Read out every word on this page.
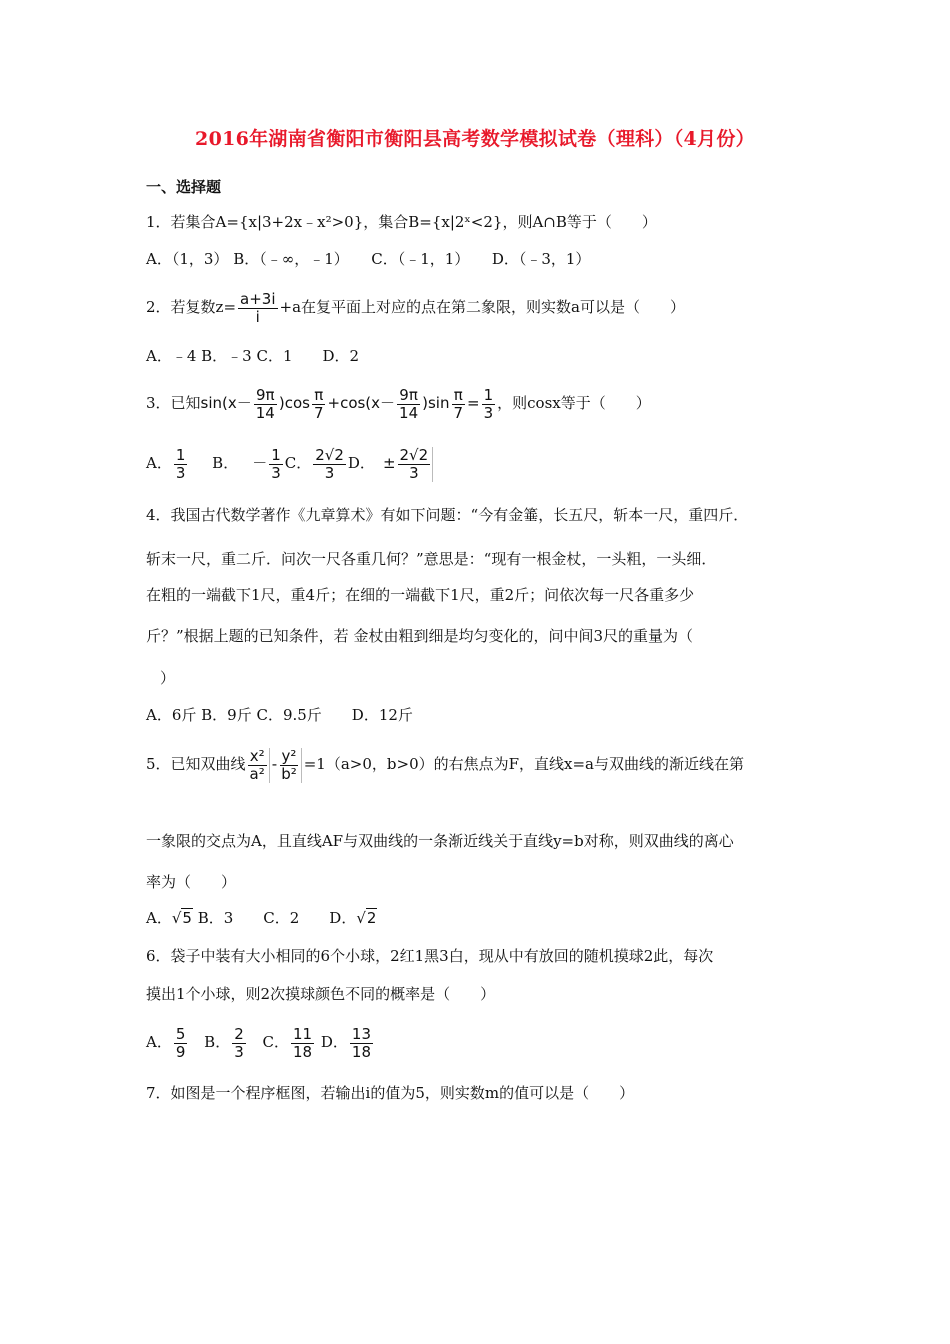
2016年湖南省衡阳市衡阳县高考数学模拟试卷（理科）（4月份）
一、选择题
1．若集合A={x|3+2x﹣x²>0}，集合B={x|2ˣ<2}，则A∩B等于（　　）
A．（1，3） B．（﹣∞，﹣1）　　C．（﹣1，1）　　D．（﹣3，1）
2．若复数$z= \frac{a+3i}{i} +a$在复平面上对应的点在第二象限，则实数a可以是（　　）
A．﹣4 B．﹣3 C．1　　D．2
3．已知$\sin(x- \frac{9\pi}{14} )\cos \frac{\pi}{7} +\cos(x- \frac{9\pi}{14} )\sin \frac{\pi}{7} = \frac{1}{3}$ ，则cosx等于（　　）
A． $\frac{1}{3}$ B． － $\frac{1}{3}$ C． $\frac{2√2}{3}$ D． ± $\frac{2√2}{3}$
4．我国古代数学著作《九章算术》有如下问题：“今有金箠，长五尺，斩本一尺，重四斤．
斩末一尺，重二斤．问次一尺各重几何？”意思是：“现有一根金杖，一头粗，一头细．
在粗的一端截下1尺，重4斤；在细的一端截下1尺，重2斤；问依次每一尺各重多少
斤？”根据上题的已知条件，若 金杖由粗到细是均匀变化的，问中间3尺的重量为（
）
A．6斤 B．9斤 C．9.5斤　　D．12斤
5．已知双曲线 $\frac{\text{x²}}{\text{a²}} - \frac{\text{y²}}{\text{b²}} =1(a>0$，b>0）的右焦点为F，直线x=a与双曲线的渐近线在第
一象限的交点为A，且直线AF与双曲线的一条渐近线关于直线y=b对称，则双曲线的离心
率为（　　）
A．√5 B．3　　C．2　　D．√2
6．袋子中装有大小相同的6个小球，2红1黑3白，现从中有放回的随机摸球2此，每次
摸出1个小球，则2次摸球颜色不同的概率是（　　）
A． $\frac{5}{9}$ B． $\frac{2}{3}$ C． $\frac{11}{18}$ D． $\frac{13}{18}$
7．如图是一个程序框图，若输出i的值为5，则实数m的值可以是（　　）
